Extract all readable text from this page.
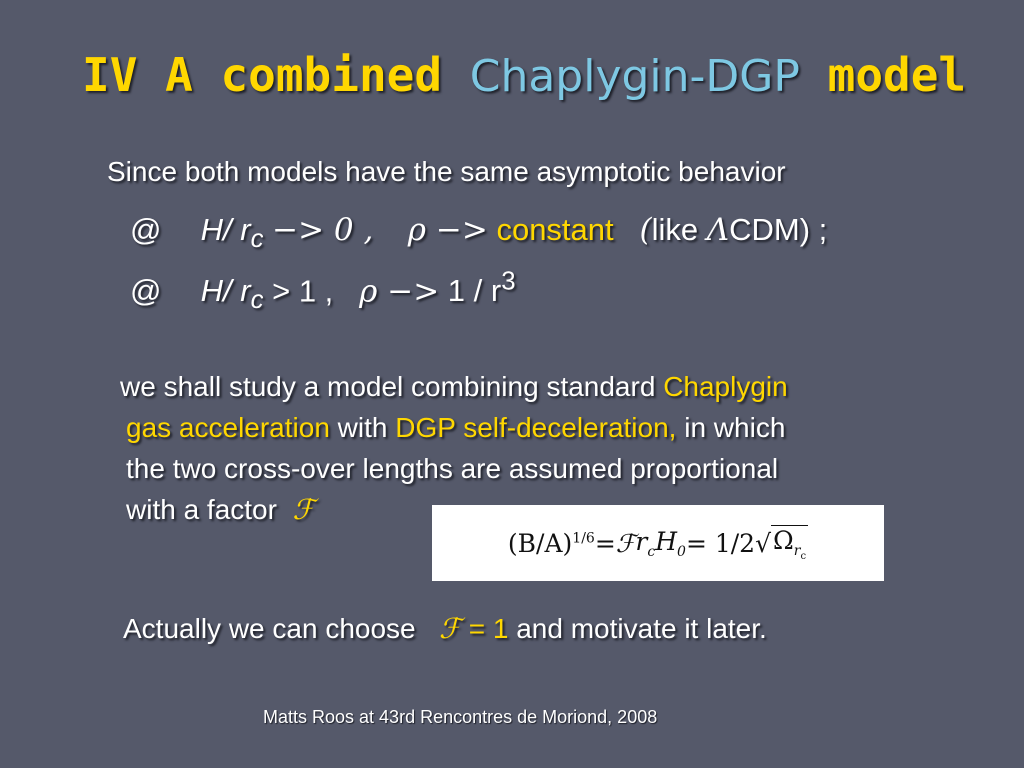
IV A combined Chaplygin-DGP model
Since both models have the same asymptotic behavior
@ H/ $r_c -> 0$ , ρ −> constant (like ΛCDM) ;
@ H/ $r_c > 1$ , $\rho -> 1 / r^3$
we shall study a model combining standard Chaplygin
gas acceleration with DGP self-deceleration, in which
the two cross-over lengths are assumed proportional
with a factor ℱ
$(B/A)^{1/6}$ = ℱ $r_c$ $H_0 = 1/2$ √ $\Omega_{r_c}$
Actually we can choose ℱ = 1 and motivate it later.
Matts Roos at 43rd Rencontres de Moriond, 2008
